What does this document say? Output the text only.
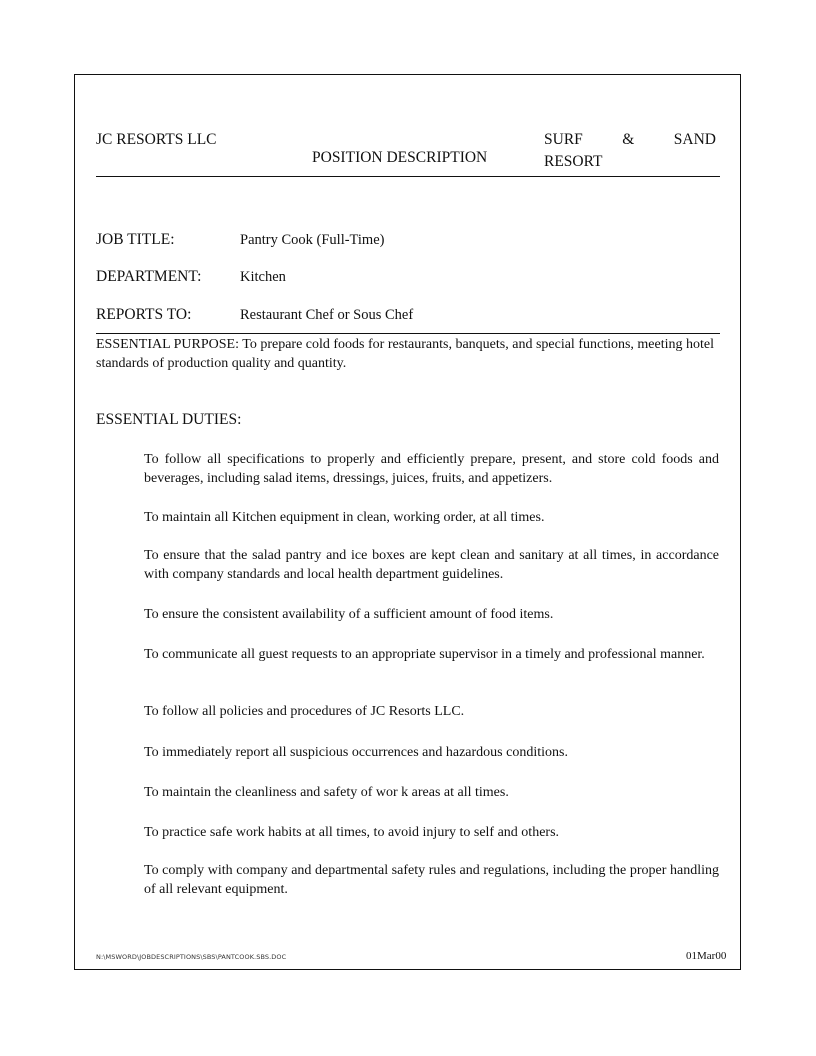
JC RESORTS LLC
POSITION DESCRIPTION
SURF	&	SAND
RESORT
JOB TITLE:	Pantry Cook (Full-Time)
DEPARTMENT:	Kitchen
REPORTS TO:	Restaurant Chef or Sous Chef
ESSENTIAL PURPOSE: To prepare cold foods for restaurants, banquets, and special functions, meeting hotel standards of production quality and quantity.
ESSENTIAL DUTIES:
To follow all specifications to properly and efficiently prepare, present, and store cold foods and beverages, including salad items, dressings, juices, fruits, and appetizers.
To maintain all Kitchen equipment in clean, working order, at all times.
To ensure that the salad pantry and ice boxes are kept clean and sanitary at all times, in accordance with company standards and local health department guidelines.
To ensure the consistent availability of a sufficient amount of food items.
To communicate all guest requests to an appropriate supervisor in a timely and professional manner.
To follow all policies and procedures of JC Resorts LLC.
To immediately report all suspicious occurrences and hazardous conditions.
To maintain the cleanliness and safety of wor k areas at all times.
To practice safe work habits at all times, to avoid injury to self and others.
To comply with company and departmental safety rules and regulations, including the proper handling of all relevant equipment.
N:\MSWORD\JOBDESCRIPTIONS\SBS\PANTCOOK.SBS.DOC	01Mar00
